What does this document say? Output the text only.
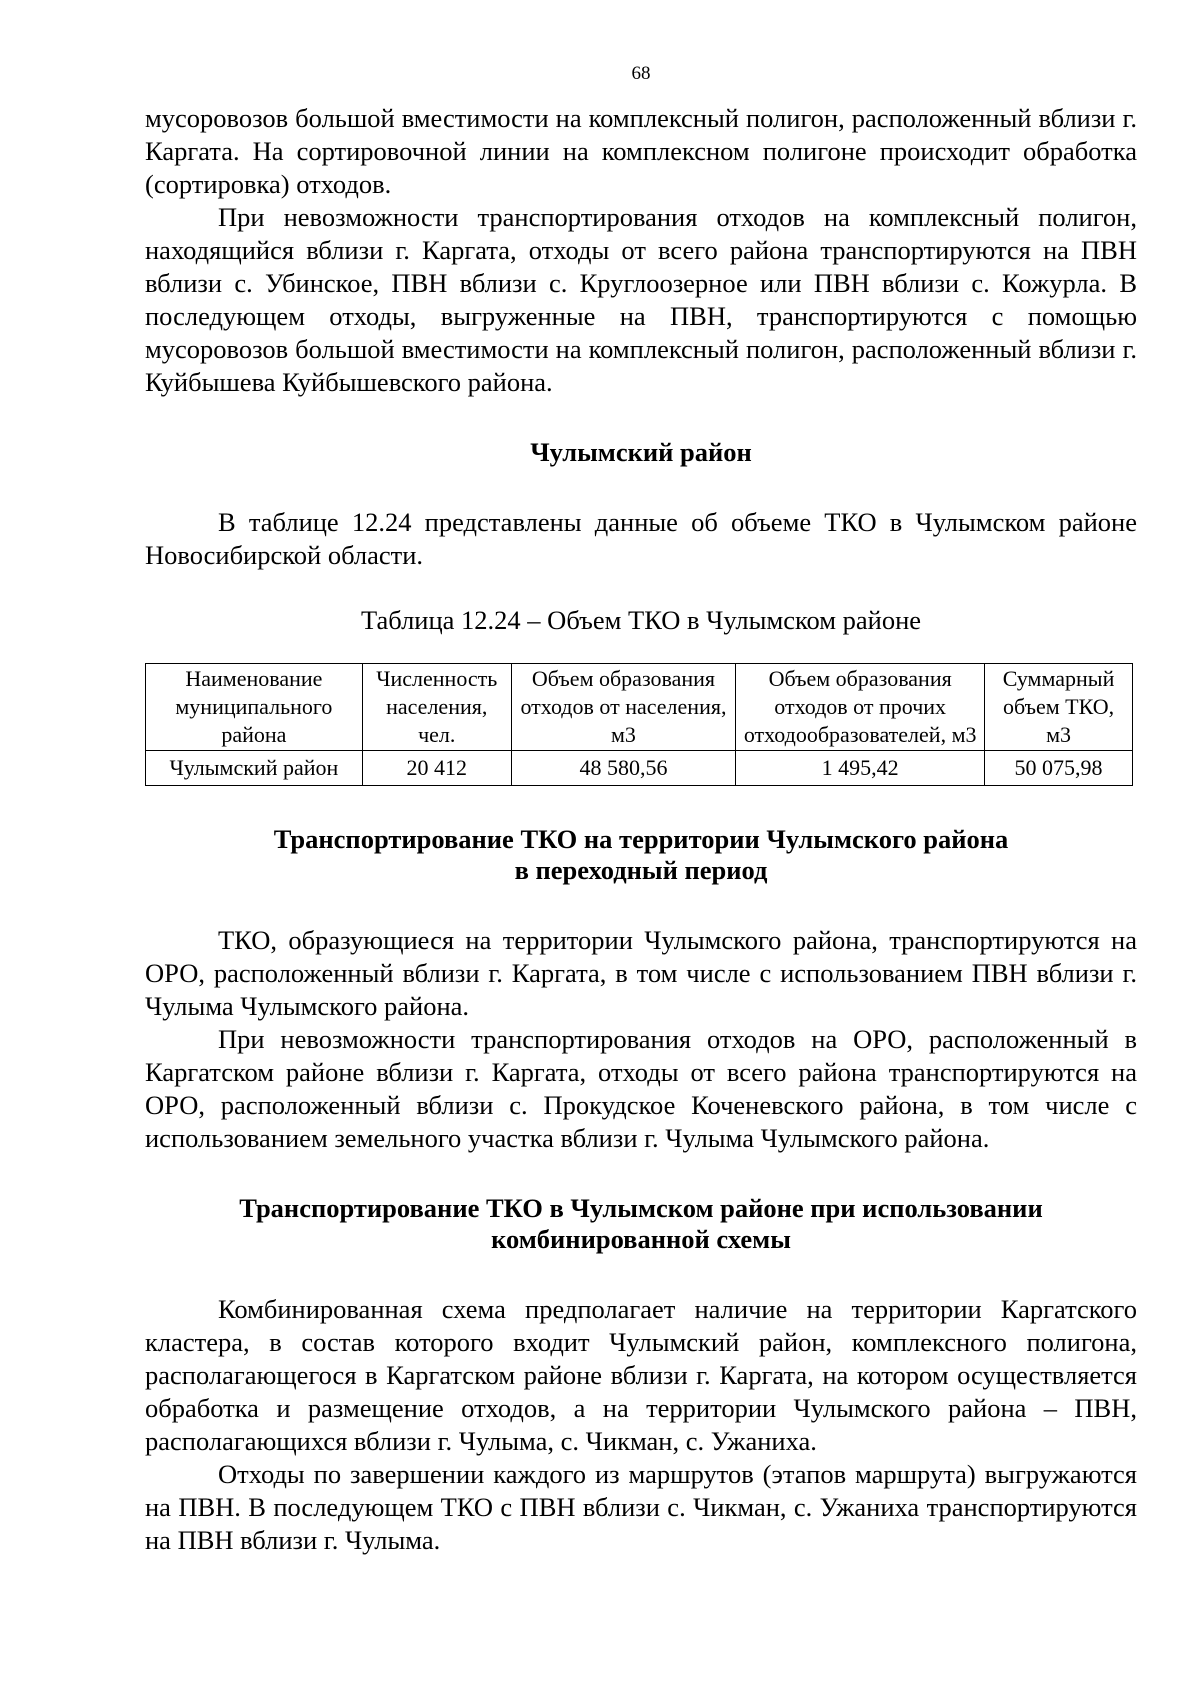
68

мусоровозов большой вместимости на комплексный полигон, расположенный вблизи г. Каргата. На сортировочной линии на комплексном полигоне происходит обработка (сортировка) отходов.

При невозможности транспортирования отходов на комплексный полигон, находящийся вблизи г. Каргата, отходы от всего района транспортируются на ПВН вблизи с. Убинское, ПВН вблизи с. Круглоозерное или ПВН вблизи с. Кожурла. В последующем отходы, выгруженные на ПВН, транспортируются с помощью мусоровозов большой вместимости на комплексный полигон, расположенный вблизи г. Куйбышева Куйбышевского района.

Чулымский район

В таблице 12.24 представлены данные об объеме ТКО в Чулымском районе Новосибирской области.

Таблица 12.24 – Объем ТКО в Чулымском районе
Наименование муниципального района	Численность населения, чел.	Объем образования отходов от населения, м3	Объем образования отходов от прочих отходообразователей, м3	Суммарный объем ТКО, м3
Чулымский район	20 412	48 580,56	1 495,42	50 075,98
Транспортирование ТКО на территории Чулымского района
в переходный период

ТКО, образующиеся на территории Чулымского района, транспортируются на ОРО, расположенный вблизи г. Каргата, в том числе с использованием ПВН вблизи г. Чулыма Чулымского района.

При невозможности транспортирования отходов на ОРО, расположенный в Каргатском районе вблизи г. Каргата, отходы от всего района транспортируются на ОРО, расположенный вблизи с. Прокудское Коченевского района, в том числе с использованием земельного участка вблизи г. Чулыма Чулымского района.

Транспортирование ТКО в Чулымском районе при использовании
комбинированной схемы

Комбинированная схема предполагает наличие на территории Каргатского кластера, в состав которого входит Чулымский район, комплексного полигона, располагающегося в Каргатском районе вблизи г. Каргата, на котором осуществляется обработка и размещение отходов, а на территории Чулымского района – ПВН, располагающихся вблизи г. Чулыма, с. Чикман, с. Ужаниха.

Отходы по завершении каждого из маршрутов (этапов маршрута) выгружаются на ПВН. В последующем ТКО с ПВН вблизи с. Чикман, с. Ужаниха транспортируются на ПВН вблизи г. Чулыма.
